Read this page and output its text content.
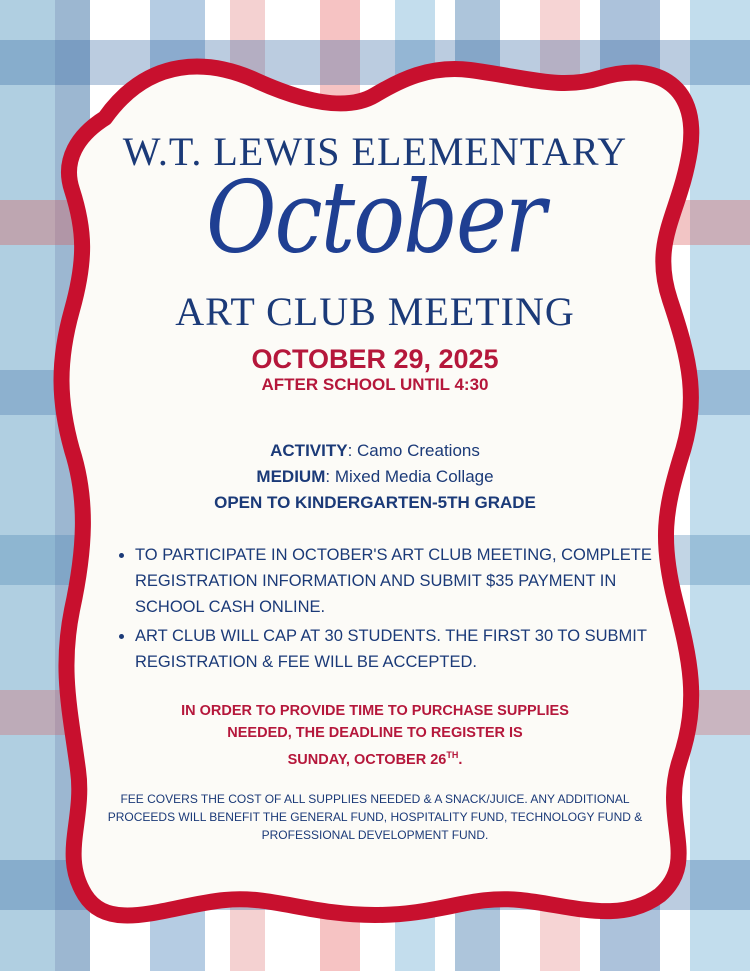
W.T. LEWIS ELEMENTARY
October
ART CLUB MEETING
OCTOBER 29, 2025
AFTER SCHOOL UNTIL 4:30
ACTIVITY: Camo Creations
MEDIUM: Mixed Media Collage
OPEN TO KINDERGARTEN-5TH GRADE
• TO PARTICIPATE IN OCTOBER'S ART CLUB MEETING, COMPLETE REGISTRATION INFORMATION AND SUBMIT $35 PAYMENT IN SCHOOL CASH ONLINE.
• ART CLUB WILL CAP AT 30 STUDENTS. THE FIRST 30 TO SUBMIT REGISTRATION & FEE WILL BE ACCEPTED.
IN ORDER TO PROVIDE TIME TO PURCHASE SUPPLIES
NEEDED, THE DEADLINE TO REGISTER IS
SUNDAY, OCTOBER 26TH.
FEE COVERS THE COST OF ALL SUPPLIES NEEDED & A SNACK/JUICE. ANY ADDITIONAL PROCEEDS WILL BENEFIT THE GENERAL FUND, HOSPITALITY FUND, TECHNOLOGY FUND & PROFESSIONAL DEVELOPMENT FUND.
